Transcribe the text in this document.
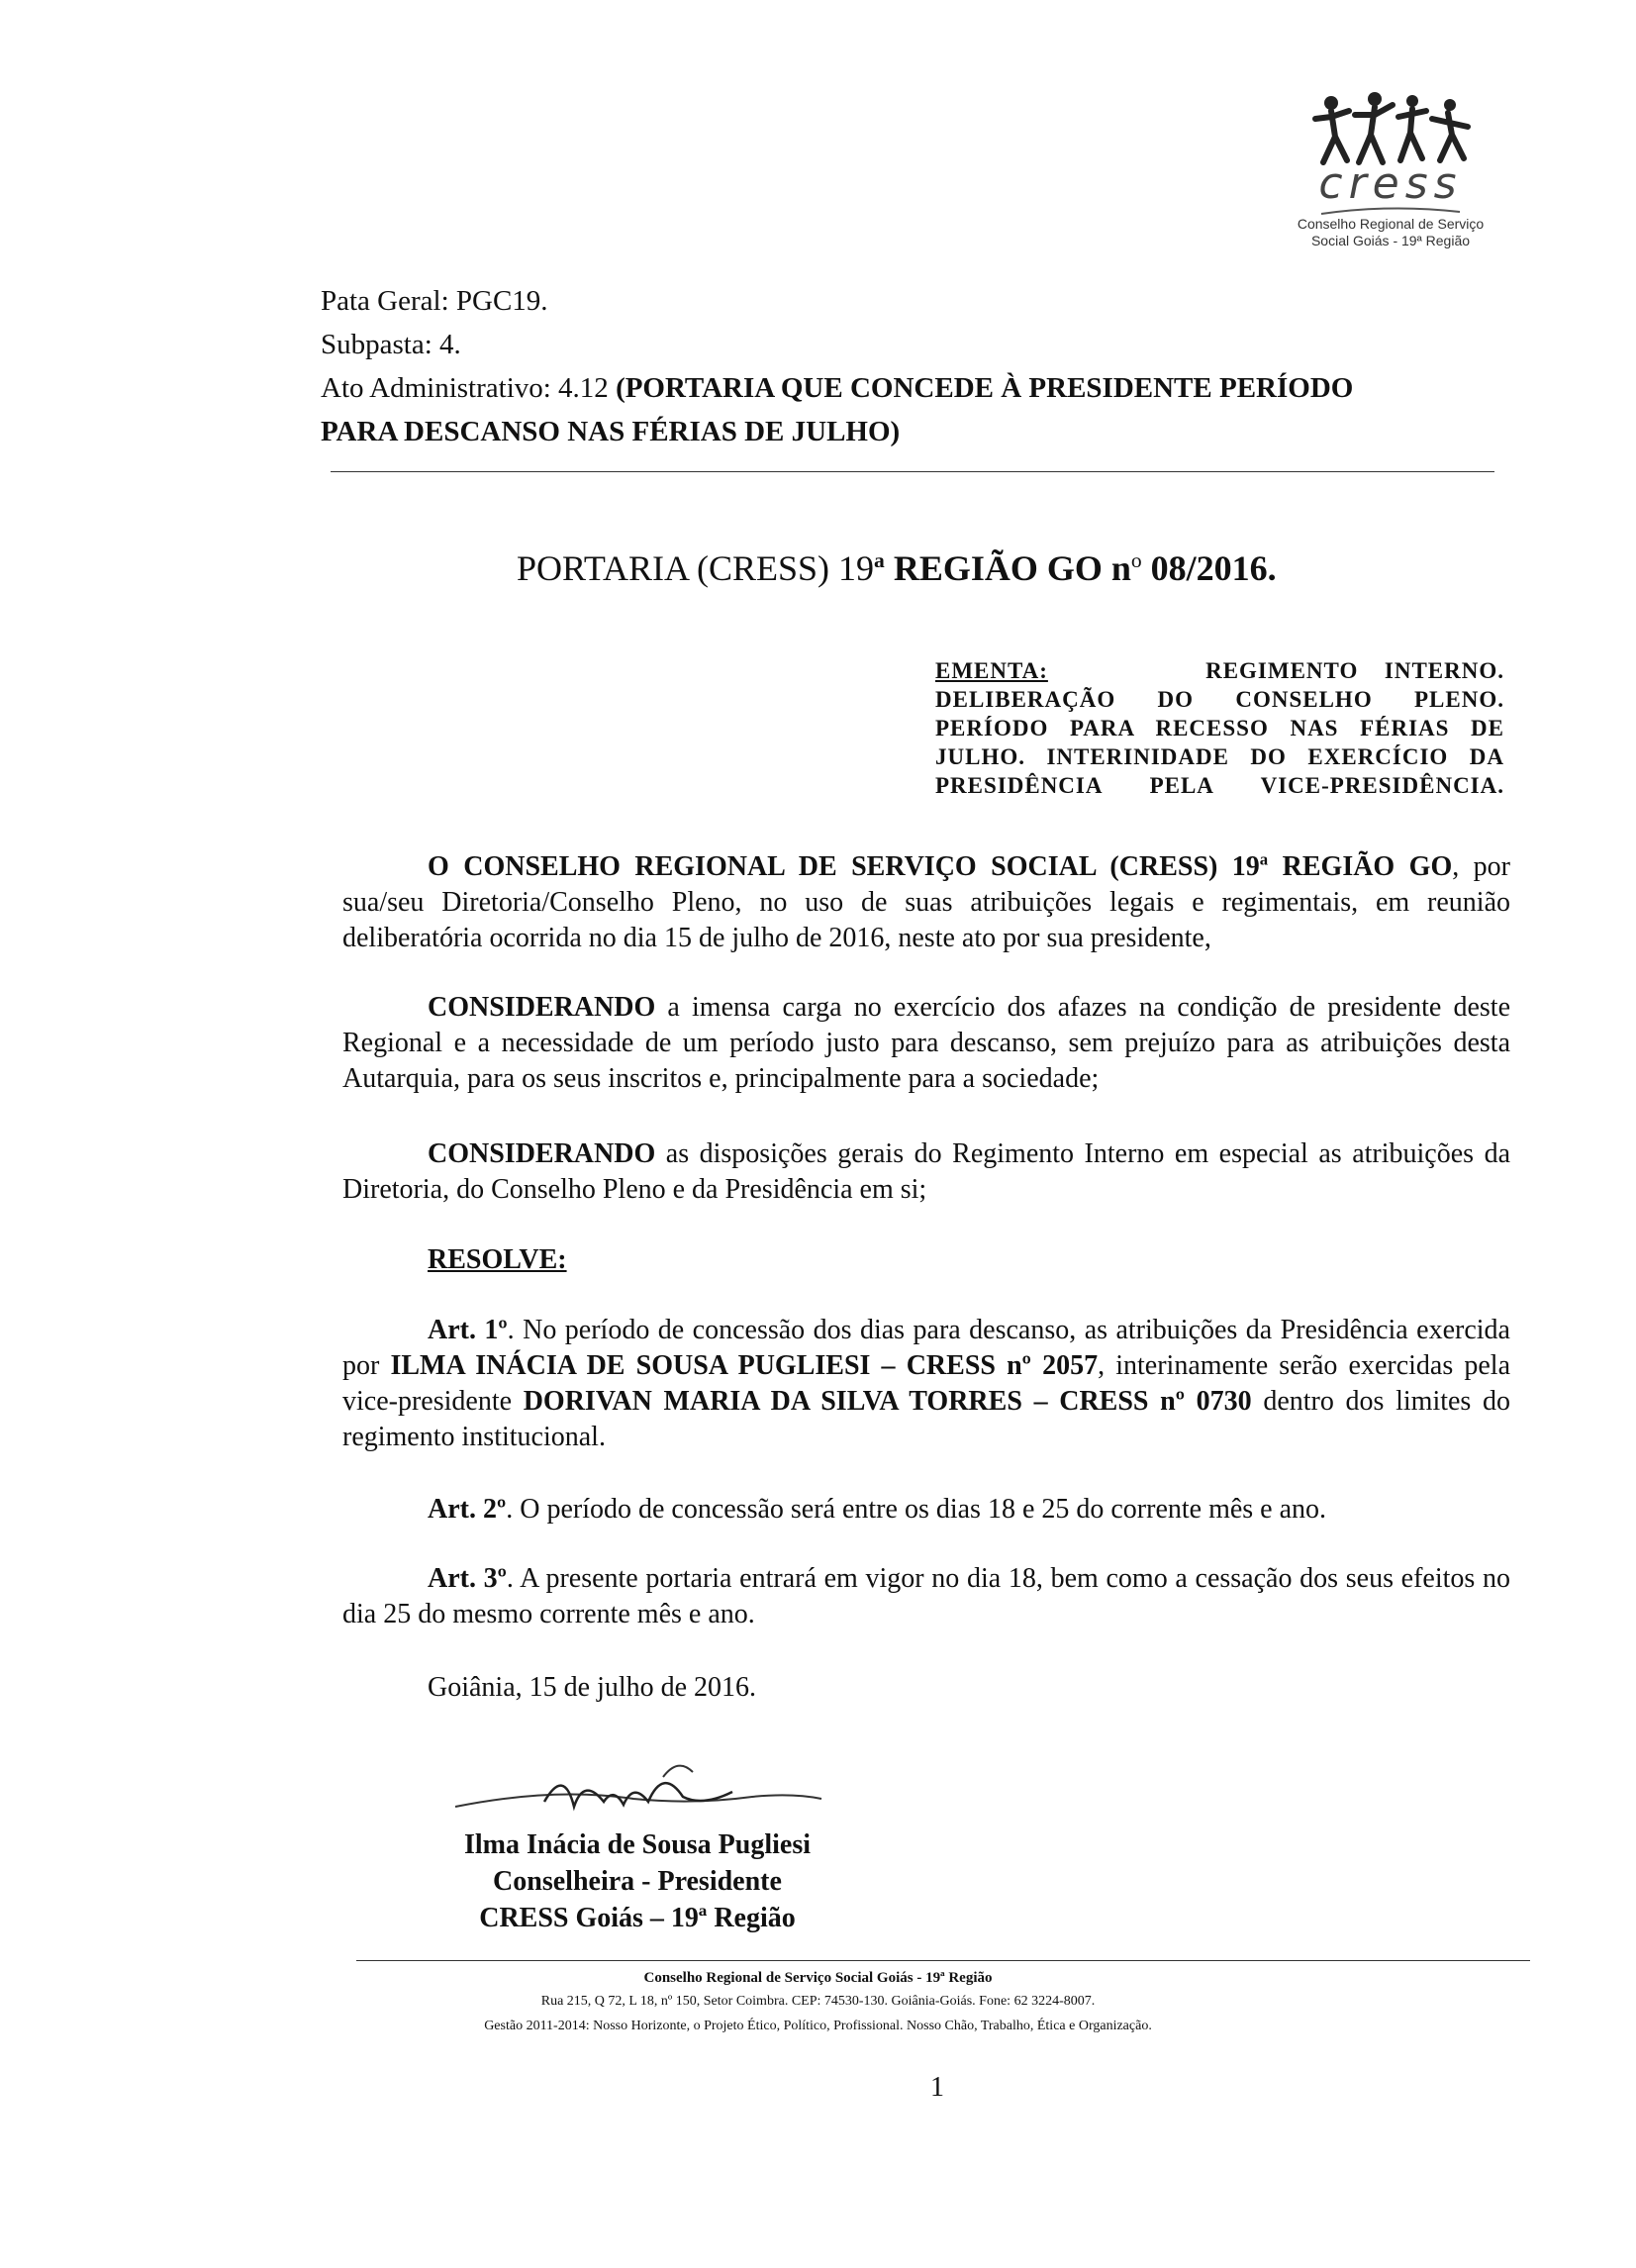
cress
Conselho Regional de Serviço
Social Goiás - 19ª Região
Pata Geral: PGC19.
Subpasta: 4.
Ato Administrativo: 4.12 (PORTARIA QUE CONCEDE À PRESIDENTE PERÍODO
PARA DESCANSO NAS FÉRIAS DE JULHO)
PORTARIA (CRESS) 19$^a$ REGIÃO GO $n^o$ 08/2016.
EMENTA:	REGIMENTO INTERNO.
DELIBERAÇÃO DO CONSELHO PLENO.
PERÍODO PARA RECESSO NAS FÉRIAS DE
JULHO. INTERINIDADE DO EXERCÍCIO DA
PRESIDÊNCIA PELA VICE-PRESIDÊNCIA.

O CONSELHO REGIONAL DE SERVIÇO SOCIAL (CRESS) 19$^a$ REGIÃO GO, por sua/seu Diretoria/Conselho Pleno, no uso de suas atribuições legais e regimentais, em reunião deliberatória ocorrida no dia 15 de julho de 2016, neste ato por sua presidente,

CONSIDERANDO a imensa carga no exercício dos afazes na condição de presidente deste Regional e a necessidade de um período justo para descanso, sem prejuízo para as atribuições desta Autarquia, para os seus inscritos e, principalmente para a sociedade;

CONSIDERANDO as disposições gerais do Regimento Interno em especial as atribuições da Diretoria, do Conselho Pleno e da Presidência em si;

RESOLVE:

Art. 1º. No período de concessão dos dias para descanso, as atribuições da Presidência exercida por ILMA INÁCIA DE SOUSA PUGLIESI – CRESS nº 2057, interinamente serão exercidas pela vice-presidente DORIVAN MARIA DA SILVA TORRES – CRESS nº 0730 dentro dos limites do regimento institucional.

Art. 2º. O período de concessão será entre os dias 18 e 25 do corrente mês e ano.

Art. 3º. A presente portaria entrará em vigor no dia 18, bem como a cessação dos seus efeitos no dia 25 do mesmo corrente mês e ano.

Goiânia, 15 de julho de 2016.

Ilma Inácia de Sousa Pugliesi
Conselheira - Presidente
CRESS Goiás – 19ª Região
Conselho Regional de Serviço Social Goiás - 19ª Região
Rua 215, Q 72, L 18, nº 150, Setor Coimbra. CEP: 74530-130. Goiânia-Goiás. Fone: 62 3224-8007.
Gestão 2011-2014: Nosso Horizonte, o Projeto Ético, Político, Profissional. Nosso Chão, Trabalho, Ética e Organização.
1
